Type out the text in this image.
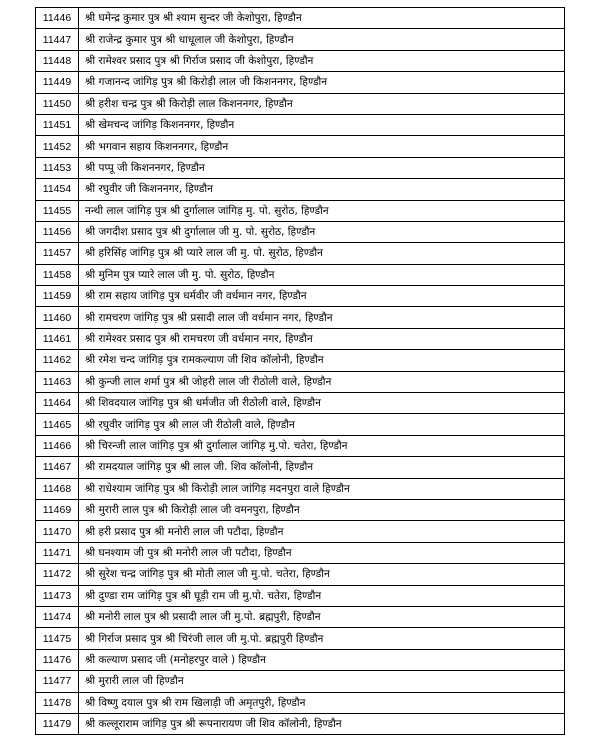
11446	श्री घमेन्द्र कुमार पुत्र श्री श्याम सुन्दर जी केशोपुरा, हिण्डौन
11447	श्री राजेन्द्र कुमार पुत्र श्री धाधूलाल जी केशोपुरा, हिण्डौन
11448	श्री रामेश्वर प्रसाद पुत्र श्री गिर्राज प्रसाद जी केशोपुरा, हिण्डौन
11449	श्री गजानन्द जांगिड़ पुत्र श्री किरोड़ी लाल जी किशननगर, हिण्डौन
11450	श्री हरीश चन्द्र पुत्र श्री किरोड़ी लाल किशननगर, हिण्डौन
11451	श्री खेमचन्द जांगिड़ किशननगर, हिण्डौन
11452	श्री भगवान सहाय किशननगर, हिण्डौन
11453	श्री पप्पू जी किशननगर, हिण्डौन
11454	श्री रघुवीर जी किशननगर, हिण्डौन
11455	नन्थी लाल जांगिड़ पुत्र श्री दुर्गालाल जांगिड़ मु. पो. सुरोठ, हिण्डौन
11456	श्री जगदीश प्रसाद पुत्र श्री दुर्गालाल जी मु. पो. सुरोठ, हिण्डौन
11457	श्री हरिसिंह जांगिड़ पुत्र श्री प्यारे लाल जी मु. पो. सुरोठ, हिण्डौन
11458	श्री मुनिम पुत्र प्यारे लाल जी मु. पो. सुरोठ, हिण्डौन
11459	श्री राम सहाय जांगिड़ पुत्र धर्मवीर जी वर्धमान नगर, हिण्डौन
11460	श्री रामचरण जांगिड़ पुत्र श्री प्रसादी लाल जी वर्धमान नगर, हिण्डौन
11461	श्री रामेश्वर प्रसाद पुत्र श्री रामचरण जी वर्धमान नगर, हिण्डौन
11462	श्री रमेश चन्द जांगिड़ पुत्र रामकल्याण जी शिव कॉलोनी, हिण्डौन
11463	श्री कुन्जी लाल शर्मा पुत्र श्री जोहरी लाल जी रीठोली वाले, हिण्डौन
11464	श्री शिवदयाल जांगिड़ पुत्र श्री धर्मजीत जी रीठोली वाले, हिण्डौन
11465	श्री रघुवीर जांगिड़ पुत्र श्री लाल जी रीठोली वाले, हिण्डौन
11466	श्री चिरन्जी लाल जांगिड़ पुत्र श्री दुर्गालाल जांगिड़ मु.पो. चतेरा, हिण्डौन
11467	श्री रामदयाल जांगिड़ पुत्र श्री लाल जी. शिव कॉलोनी, हिण्डौन
11468	श्री राधेश्याम जांगिड़ पुत्र श्री किरोड़ी लाल जांगिड़ मदनपुरा वाले हिण्डौन
11469	श्री मुरारी लाल पुत्र श्री किरोड़ी लाल जी वमनपुरा, हिण्डौन
11470	श्री हरी प्रसाद पुत्र श्री मनोरी लाल जी पटौदा, हिण्डौन
11471	श्री घनश्याम जी पुत्र श्री मनोरी लाल जी पटौदा, हिण्डौन
11472	श्री सुरेश चन्द्र जांगिड़ पुत्र श्री मोती लाल जी मु.पो. चतेरा, हिण्डौन
11473	श्री दुण्डा राम जांगिड़ पुत्र श्री घूड़ी राम जी मु.पो. चतेरा, हिण्डौन
11474	श्री मनोरी लाल पुत्र श्री प्रसादी लाल जी मु.पो. ब्रह्मपुरी, हिण्डौन
11475	श्री गिर्राज प्रसाद पुत्र श्री चिरंजी लाल जी मु.पो. ब्रह्मपुरी हिण्डौन
11476	श्री कल्याण प्रसाद जी (मनोहरपुर वाले ) हिण्डौन
11477	श्री मुरारी लाल जी हिण्डौन
11478	श्री विष्णु दयाल पुत्र श्री राम खिलाड़ी जी अमृतपुरी, हिण्डौन
11479	श्री कल्लूराराम जांगिड़ पुत्र श्री रूपनारायण जी शिव कॉलोनी, हिण्डौन
